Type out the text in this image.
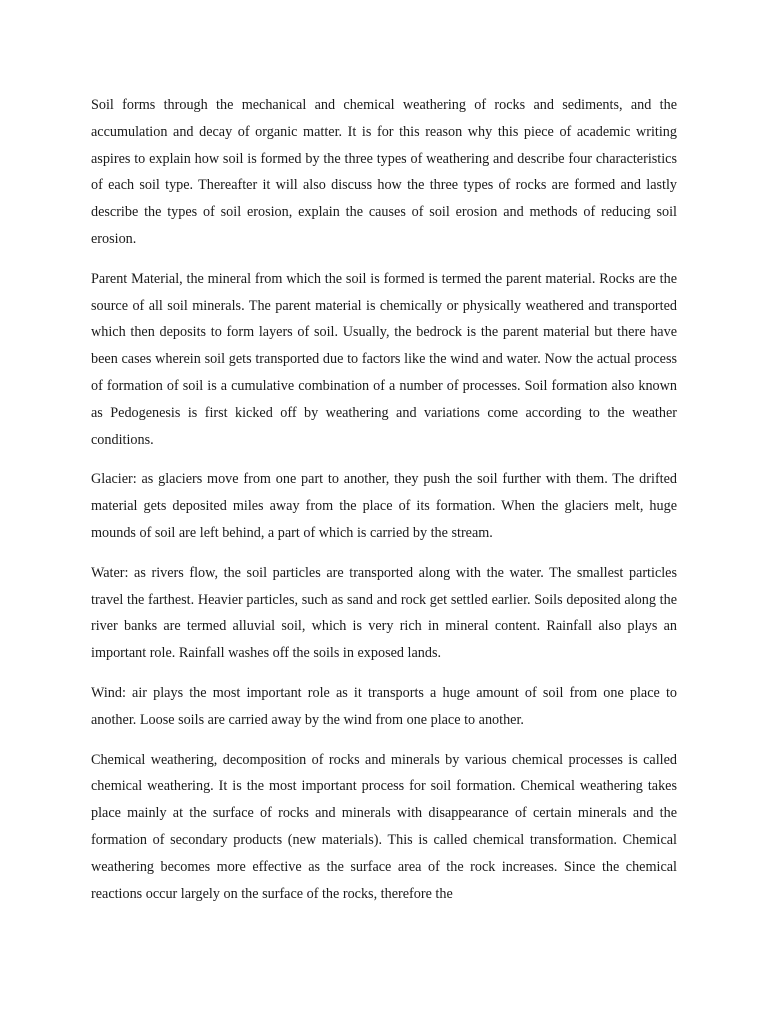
Soil forms through the mechanical and chemical weathering of rocks and sediments, and the accumulation and decay of organic matter. It is for this reason why this piece of academic writing aspires to explain how soil is formed by the three types of weathering and describe four characteristics of each soil type. Thereafter it will also discuss how the three types of rocks are formed and lastly describe the types of soil erosion, explain the causes of soil erosion and methods of reducing soil erosion.

Parent Material, the mineral from which the soil is formed is termed the parent material. Rocks are the source of all soil minerals. The parent material is chemically or physically weathered and transported which then deposits to form layers of soil. Usually, the bedrock is the parent material but there have been cases wherein soil gets transported due to factors like the wind and water. Now the actual process of formation of soil is a cumulative combination of a number of processes. Soil formation also known as Pedogenesis is first kicked off by weathering and variations come according to the weather conditions.

Glacier: as glaciers move from one part to another, they push the soil further with them. The drifted material gets deposited miles away from the place of its formation. When the glaciers melt, huge mounds of soil are left behind, a part of which is carried by the stream.

Water: as rivers flow, the soil particles are transported along with the water. The smallest particles travel the farthest. Heavier particles, such as sand and rock get settled earlier. Soils deposited along the river banks are termed alluvial soil, which is very rich in mineral content. Rainfall also plays an important role. Rainfall washes off the soils in exposed lands.

Wind: air plays the most important role as it transports a huge amount of soil from one place to another. Loose soils are carried away by the wind from one place to another.

Chemical weathering, decomposition of rocks and minerals by various chemical processes is called chemical weathering. It is the most important process for soil formation. Chemical weathering takes place mainly at the surface of rocks and minerals with disappearance of certain minerals and the formation of secondary products (new materials). This is called chemical transformation. Chemical weathering becomes more effective as the surface area of the rock increases. Since the chemical reactions occur largely on the surface of the rocks, therefore the
